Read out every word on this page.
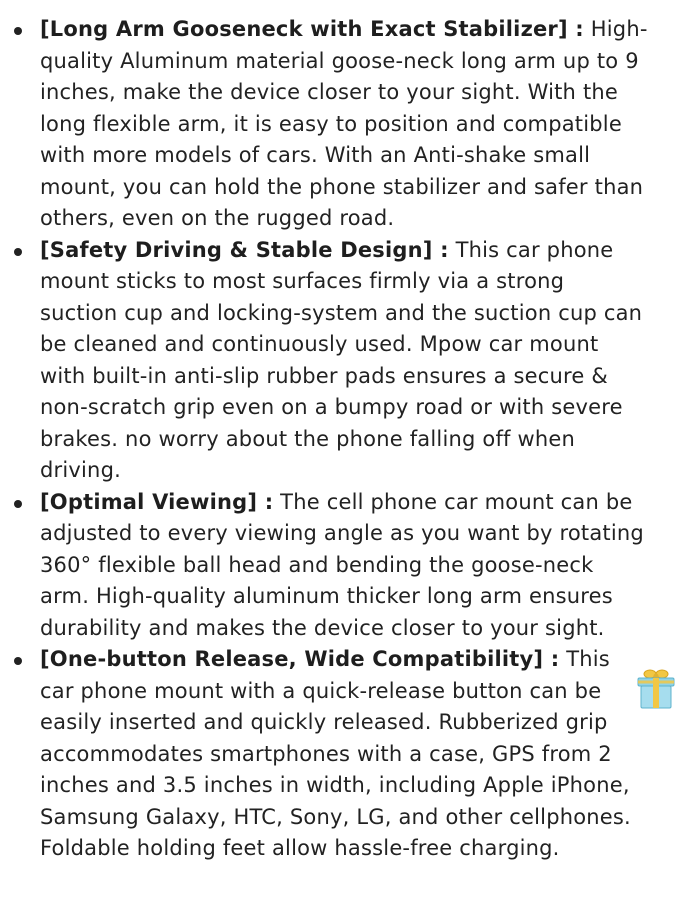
[Long Arm Gooseneck with Exact Stabilizer] : High-quality Aluminum material goose-neck long arm up to 9 inches, make the device closer to your sight. With the long flexible arm, it is easy to position and compatible with more models of cars. With an Anti-shake small mount, you can hold the phone stabilizer and safer than others, even on the rugged road.
[Safety Driving & Stable Design] : This car phone mount sticks to most surfaces firmly via a strong suction cup and locking-system and the suction cup can be cleaned and continuously used. Mpow car mount with built-in anti-slip rubber pads ensures a secure & non-scratch grip even on a bumpy road or with severe brakes. no worry about the phone falling off when driving.
[Optimal Viewing] : The cell phone car mount can be adjusted to every viewing angle as you want by rotating 360° flexible ball head and bending the goose-neck arm. High-quality aluminum thicker long arm ensures durability and makes the device closer to your sight.
[One-button Release, Wide Compatibility] : This car phone mount with a quick-release button can be easily inserted and quickly released. Rubberized grip accommodates smartphones with a case, GPS from 2 inches and 3.5 inches in width, including Apple iPhone, Samsung Galaxy, HTC, Sony, LG, and other cellphones. Foldable holding feet allow hassle-free charging.
